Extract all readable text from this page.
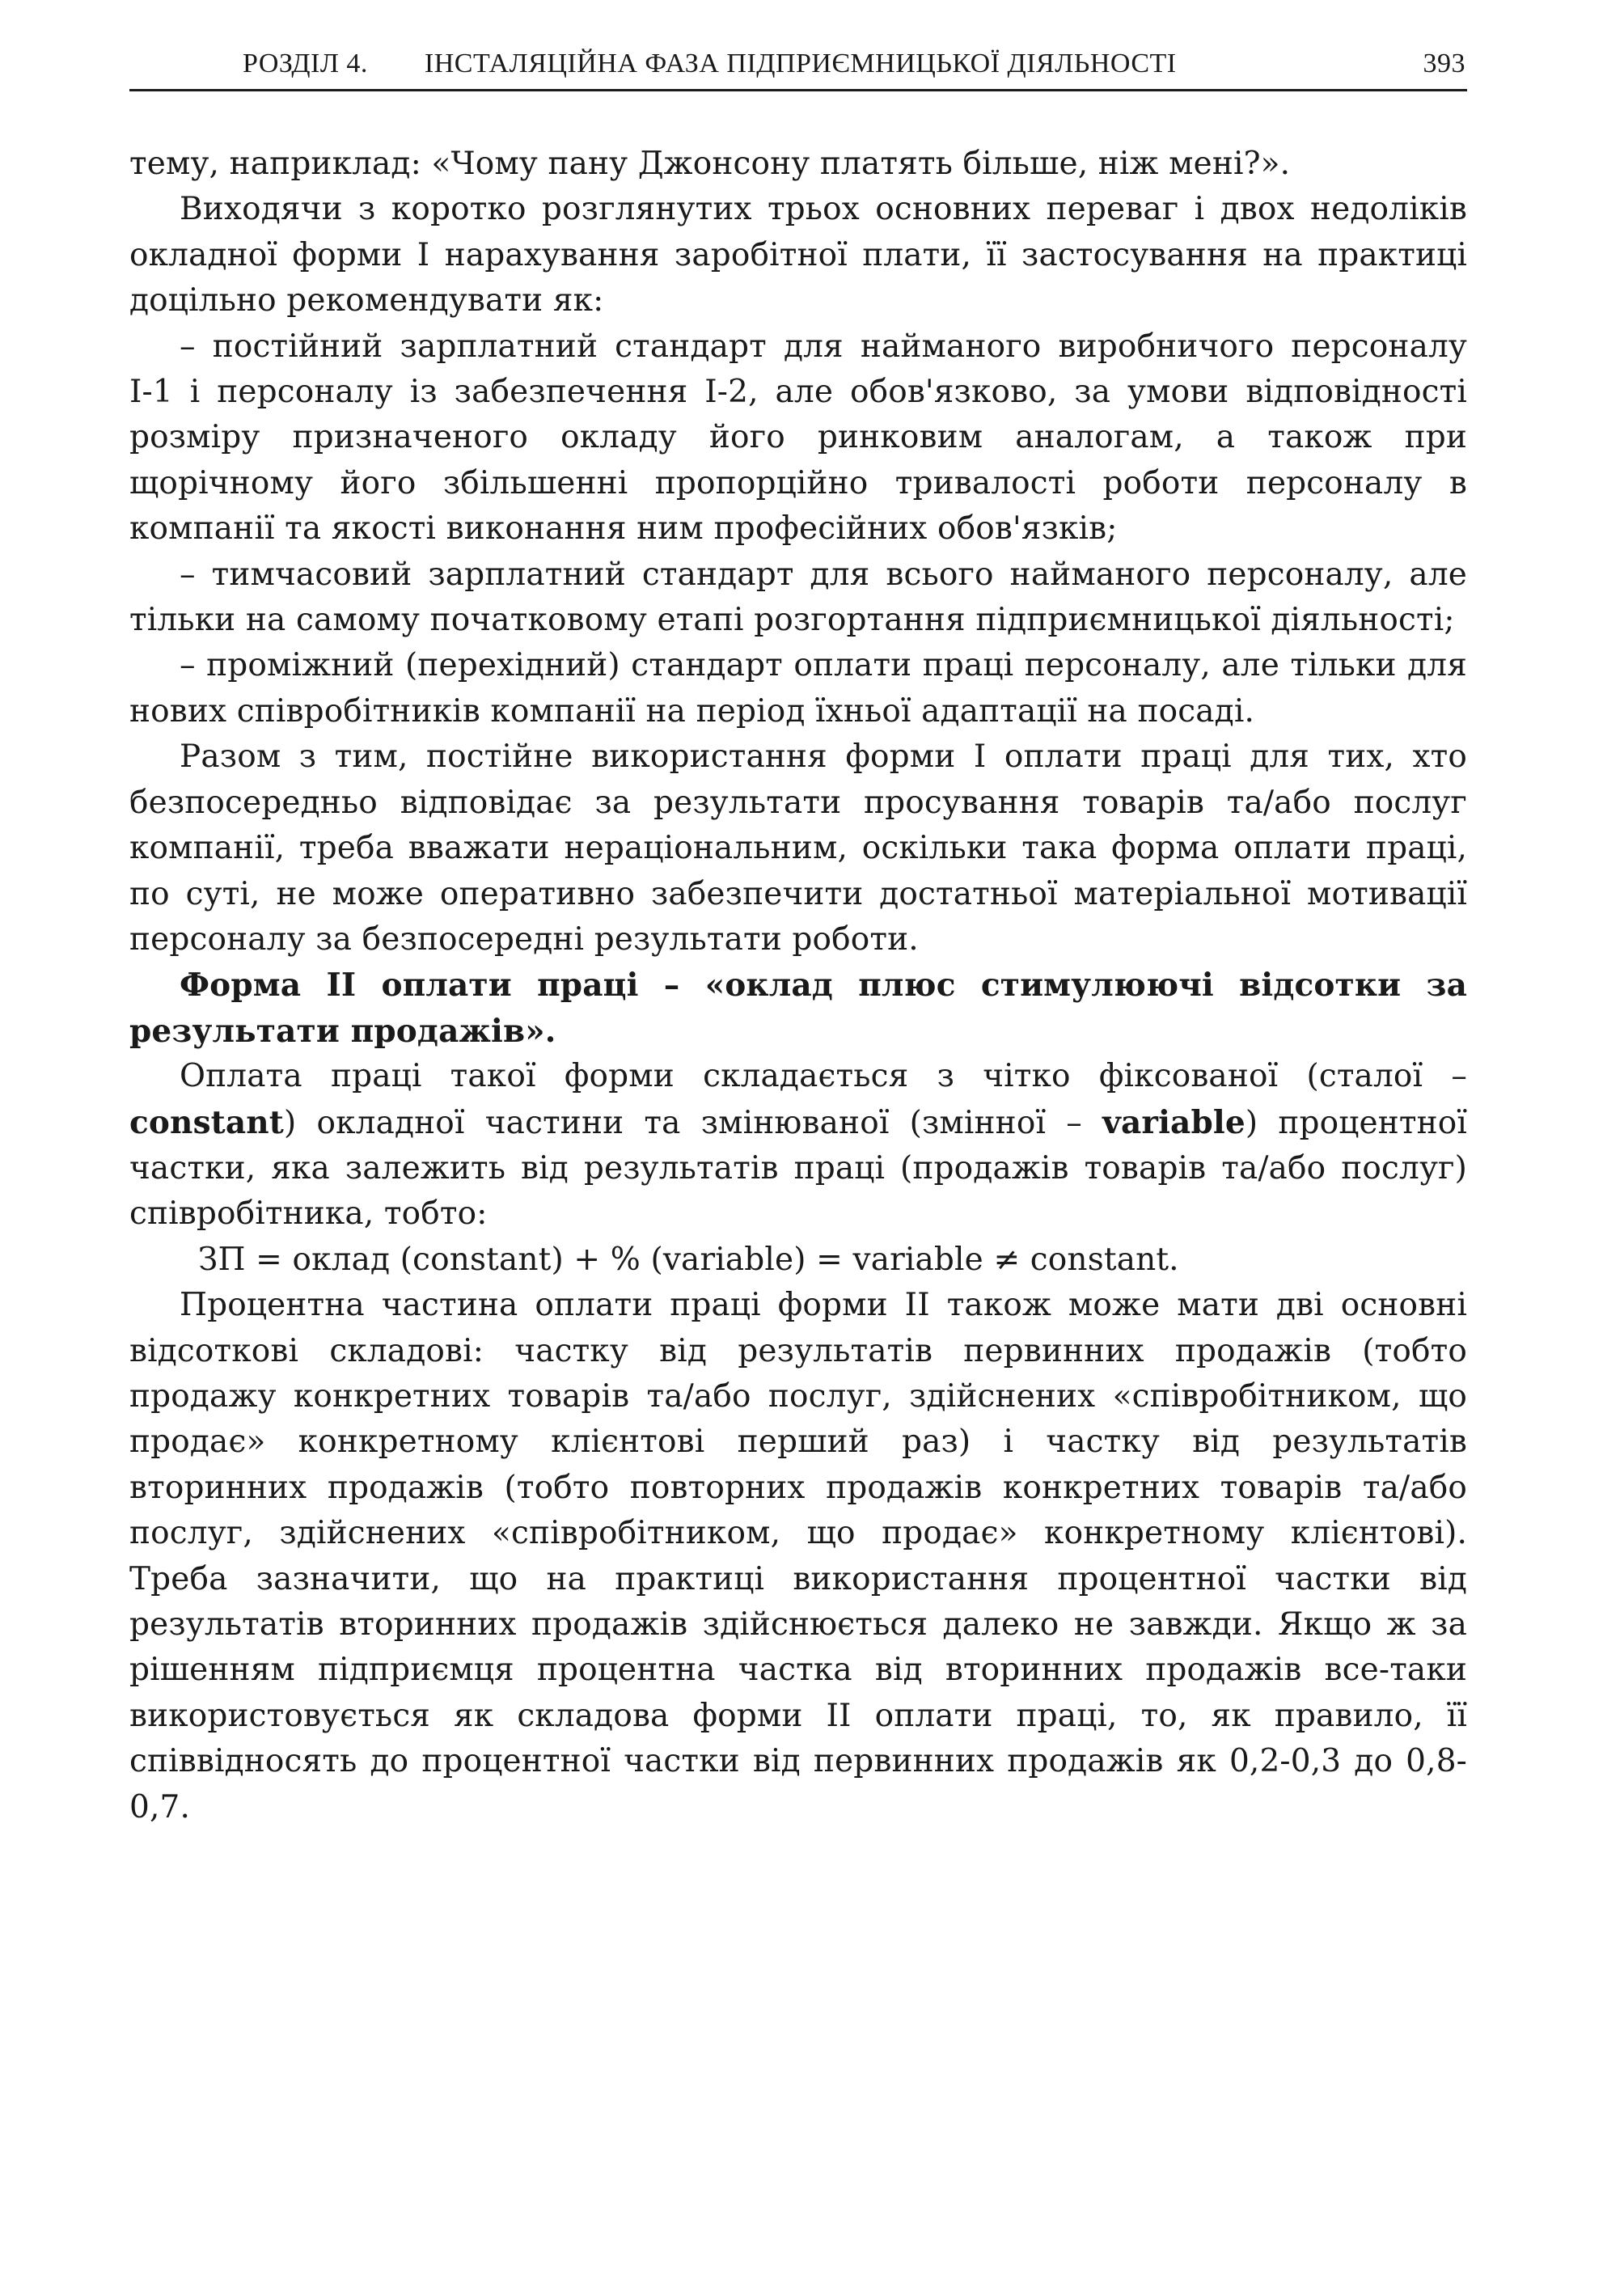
РОЗДІЛ 4. ІНСТАЛЯЦІЙНА ФАЗА ПІДПРИЄМНИЦЬКОЇ ДІЯЛЬНОСТІ	393

тему, наприклад: «Чому пану Джонсону платять більше, ніж мені?».

Виходячи з коротко розглянутих трьох основних переваг і двох недоліків окладної форми І нарахування заробітної плати, її застосування на практиці доцільно рекомендувати як:

– постійний зарплатний стандарт для найманого виробничого персоналу І-1 і персоналу із забезпечення І-2, але обов'язково, за умови відповідності розміру призначеного окладу його ринковим аналогам, а також при щорічному його збільшенні пропорційно тривалості роботи персоналу в компанії та якості виконання ним професійних обов'язків;

– тимчасовий зарплатний стандарт для всього найманого персоналу, але тільки на самому початковому етапі розгортання підприємницької діяльності;

– проміжний (перехідний) стандарт оплати праці персоналу, але тільки для нових співробітників компанії на період їхньої адаптації на посаді.

Разом з тим, постійне використання форми І оплати праці для тих, хто безпосередньо відповідає за результати просування товарів та/або послуг компанії, треба вважати нераціональним, оскільки така форма оплати праці, по суті, не може оперативно забезпечити достатньої матеріальної мотивації персоналу за безпосередні результати роботи.

Форма ІІ оплати праці – «оклад плюс стимулюючі відсотки за результати продажів».

Оплата праці такої форми складається з чітко фіксованої (сталої – constant) окладної частини та змінюваної (змінної – variable) процентної частки, яка залежить від результатів праці (продажів товарів та/або послуг) співробітника, тобто:

ЗП = оклад (constant) + % (variable) = variable ≠ constant.

Процентна частина оплати праці форми ІІ також може мати дві основні відсоткові складові: частку від результатів первинних продажів (тобто продажу конкретних товарів та/або послуг, здійснених «співробітником, що продає» конкретному клієнтові перший раз) і частку від результатів вторинних продажів (тобто повторних продажів конкретних товарів та/або послуг, здійснених «співробітником, що продає» конкретному клієнтові). Треба зазначити, що на практиці використання процентної частки від результатів вторинних продажів здійснюється далеко не завжди. Якщо ж за рішенням підприємця процентна частка від вторинних продажів все-таки використовується як складова форми ІІ оплати праці, то, як правило, її співвідносять до процентної частки від первинних продажів як 0,2-0,3 до 0,8-0,7.
